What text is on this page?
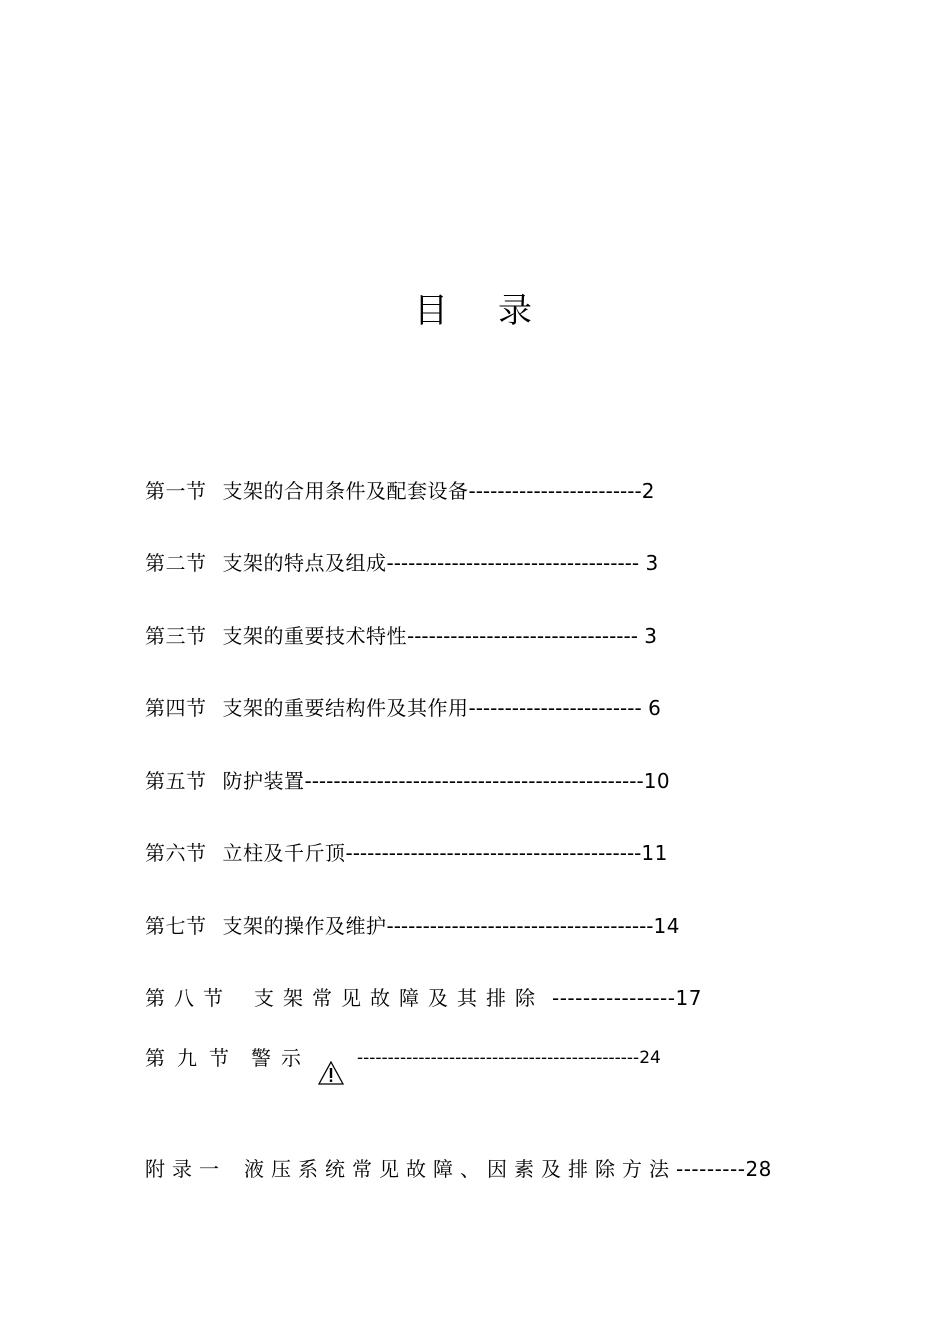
目 录
第一节 支架的合用条件及配套设备------------------------2
第二节 支架的特点及组成----------------------------------- 3
第三节 支架的重要技术特性-------------------------------- 3
第四节 支架的重要结构件及其作用------------------------ 6
第五节 防护装置-----------------------------------------------10
第六节 立柱及千斤顶-----------------------------------------11
第七节 支架的操作及维护-------------------------------------14
第八节 支架常见故障及其排除 ----------------17
第九节 警示	----------------------------------------------24
附录一 液压系统常见故障、因素及排除方法---------28
